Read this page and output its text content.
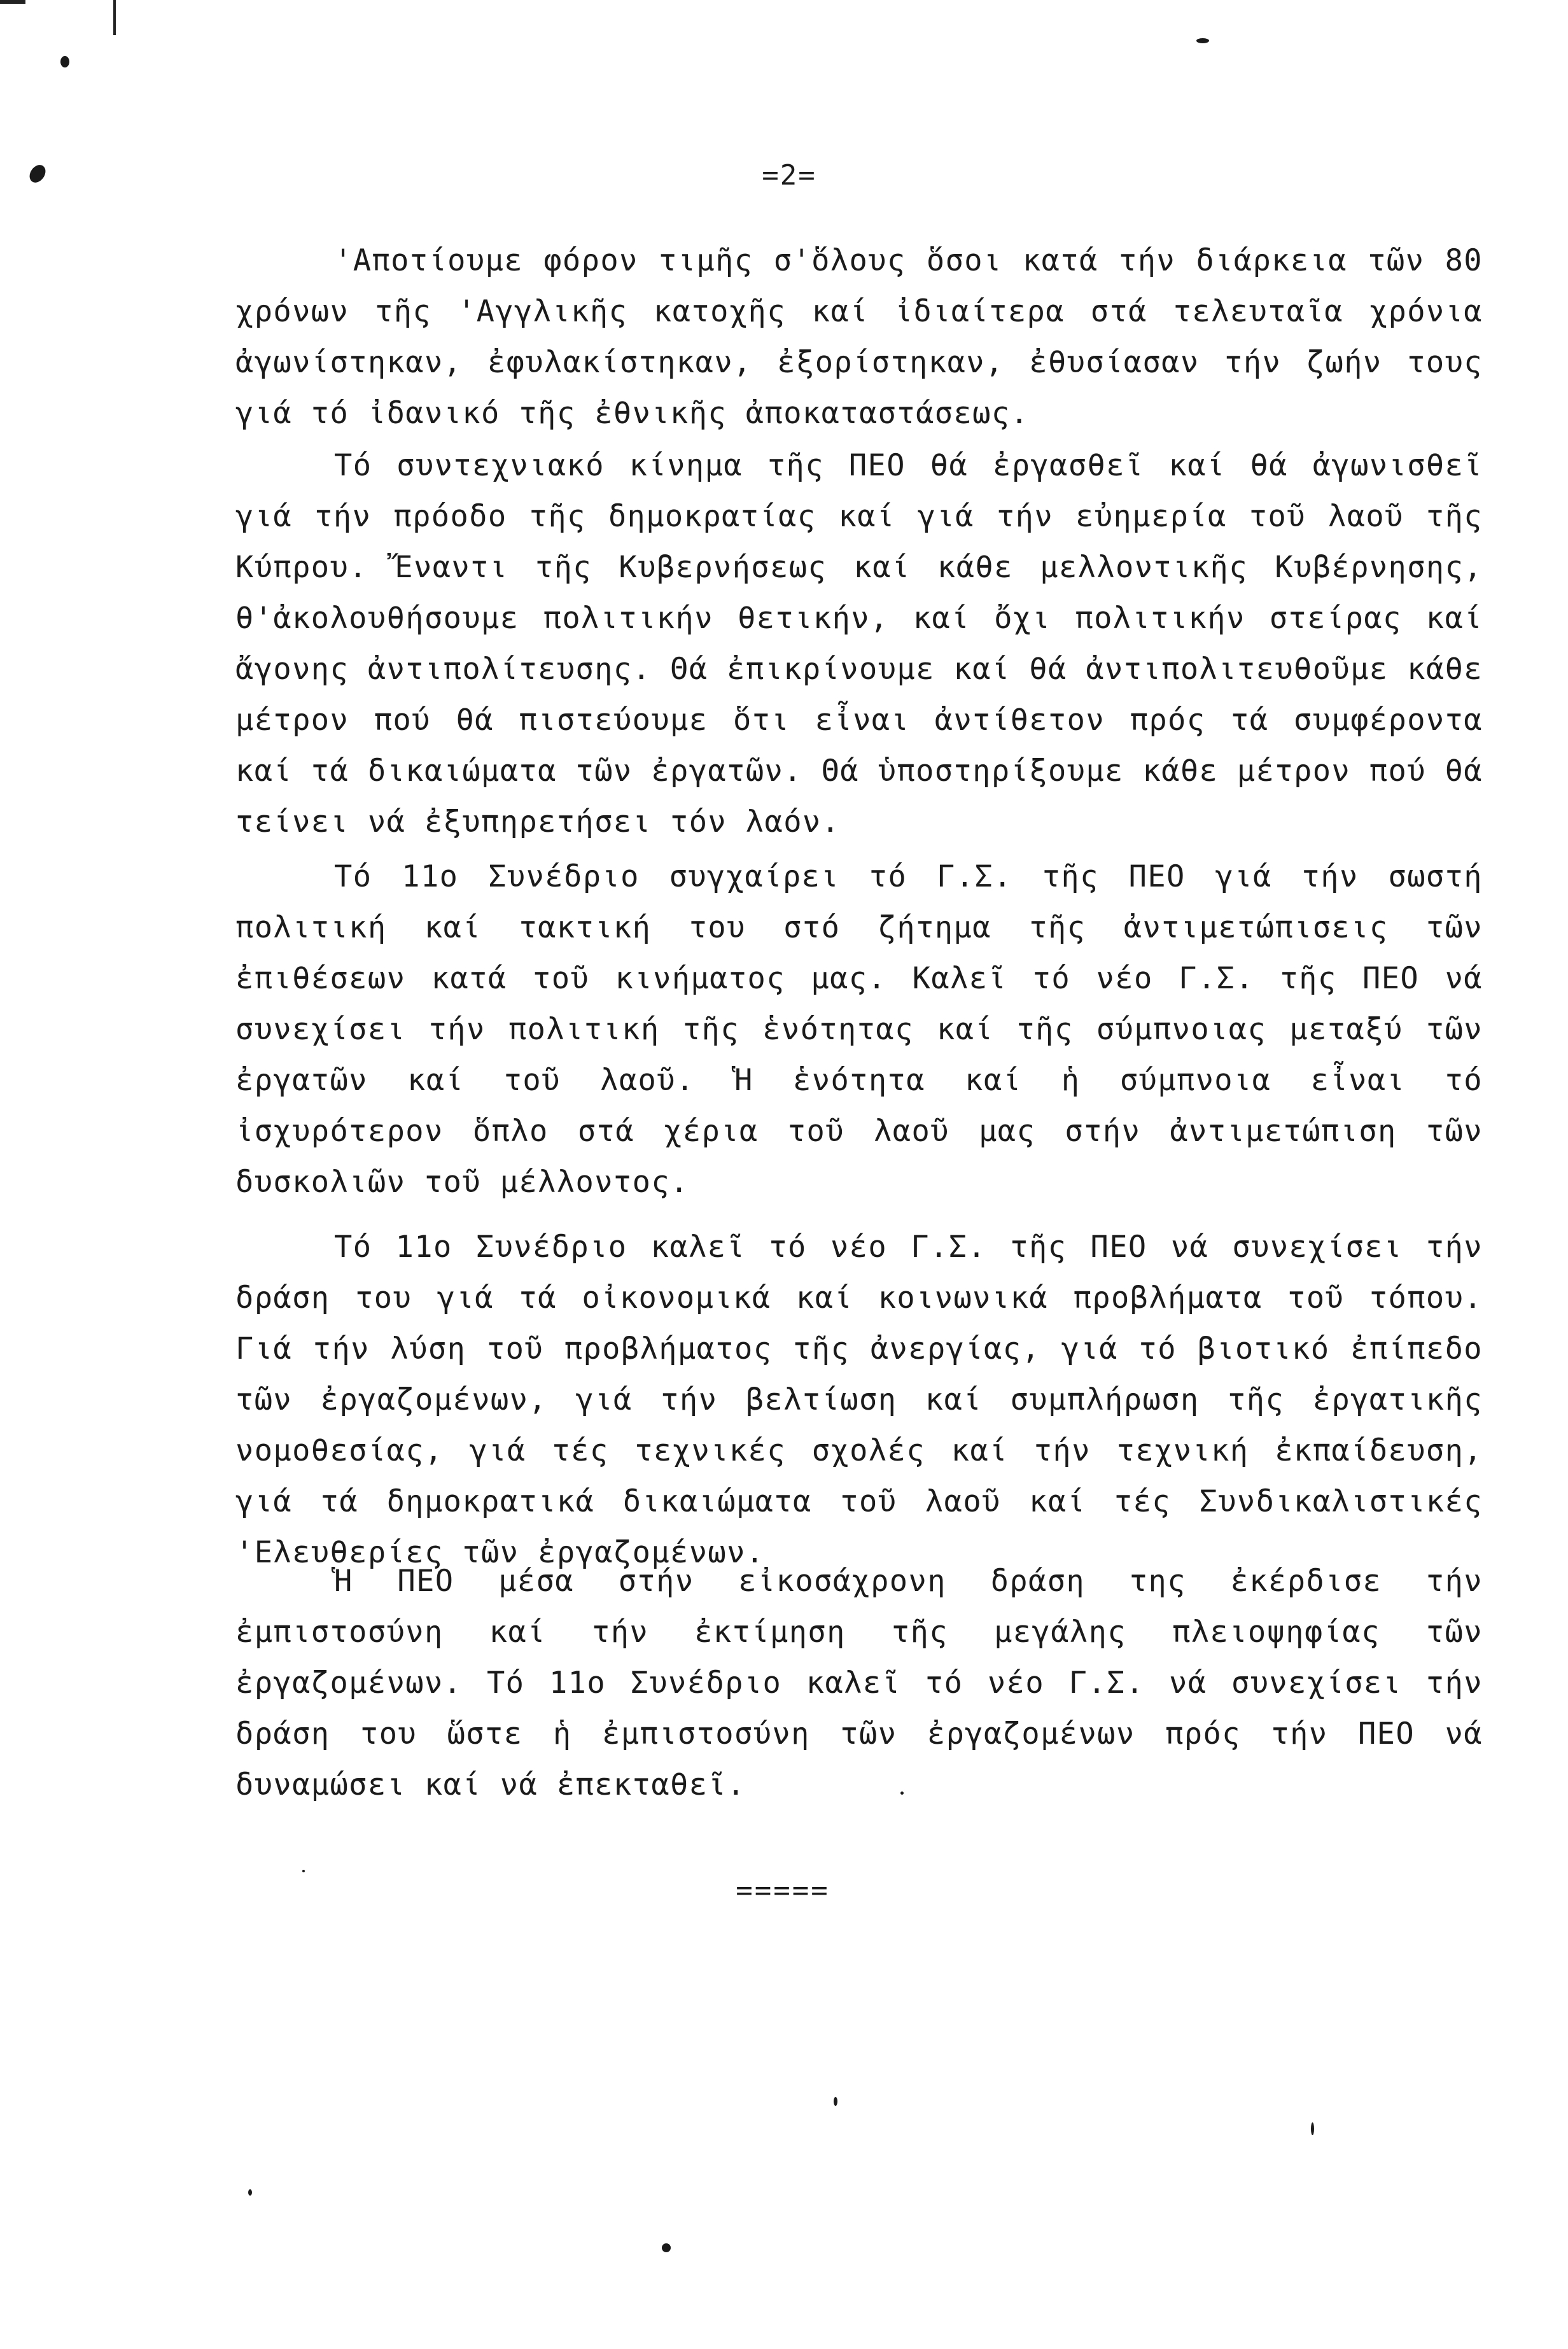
=2=

'Αποτίουμε φόρον τιμῆς σ'ὅλους ὅσοι κατά τήν διάρκεια τῶν 80 χρόνων τῆς 'Αγγλικῆς κατοχῆς καί ἰδιαίτερα στά τελευταῖα χρόνια ἀγωνίστηκαν, ἐφυλακίστηκαν, ἐξορίστηκαν, ἐθυσίασαν τήν ζωήν τους γιά τό ἰδανικό τῆς ἐθνικῆς ἀποκαταστάσεως.

Τό συντεχνιακό κίνημα τῆς ΠΕΟ θά ἐργασθεῖ καί θά ἀγωνισθεῖ γιά τήν πρόοδο τῆς δημοκρατίας καί γιά τήν εὐημερία τοῦ λαοῦ τῆς Κύπρου. Ἔναντι τῆς Κυβερνήσεως καί κάθε μελλοντικῆς Κυβέρνησης, θ'ἀκολουθήσουμε πολιτικήν θετικήν, καί ὄχι πολιτικήν στείρας καί ἄγονης ἀντιπολίτευσης. Θά ἐπικρίνουμε καί θά ἀντιπολιτευθοῦμε κάθε μέτρον πού θά πιστεύουμε ὅτι εἶναι ἀντίθετον πρός τά συμφέροντα καί τά δικαιώματα τῶν ἐργατῶν. Θά ὑποστηρίξουμε κάθε μέτρον πού θά τείνει νά ἐξυπηρετήσει τόν λαόν.

Τό 11ο Συνέδριο συγχαίρει τό Γ.Σ. τῆς ΠΕΟ γιά τήν σωστή πολιτική καί τακτική του στό ζήτημα τῆς ἀντιμετώπισεις τῶν ἐπιθέσεων κατά τοῦ κινήματος μας. Καλεῖ τό νέο Γ.Σ. τῆς ΠΕΟ νά συνεχίσει τήν πολιτική τῆς ἑνότητας καί τῆς σύμπνοιας μεταξύ τῶν ἐργατῶν καί τοῦ λαοῦ. Ἡ ἑνότητα καί ἡ σύμπνοια εἶναι τό ἰσχυρότερον ὅπλο στά χέρια τοῦ λαοῦ μας στήν ἀντιμετώπιση τῶν δυσκολιῶν τοῦ μέλλοντος.

Τό 11ο Συνέδριο καλεῖ τό νέο Γ.Σ. τῆς ΠΕΟ νά συνεχίσει τήν δράση του γιά τά οἰκονομικά καί κοινωνικά προβλήματα τοῦ τόπου. Γιά τήν λύση τοῦ προβλήματος τῆς ἀνεργίας, γιά τό βιοτικό ἐπίπεδο τῶν ἐργαζομένων, γιά τήν βελτίωση καί συμπλήρωση τῆς ἐργατικῆς νομοθεσίας, γιά τές τεχνικές σχολές καί τήν τεχνική ἐκπαίδευση, γιά τά δημοκρατικά δικαιώματα τοῦ λαοῦ καί τές Συνδικαλιστικές 'Ελευθερίες τῶν ἐργαζομένων.

Ἡ ΠΕΟ μέσα στήν εἰκοσάχρονη δράση της ἐκέρδισε τήν ἐμπιστοσύνη καί τήν ἐκτίμηση τῆς μεγάλης πλειοψηφίας τῶν ἐργαζομένων. Τό 11ο Συνέδριο καλεῖ τό νέο Γ.Σ. νά συνεχίσει τήν δράση του ὥστε ἡ ἐμπιστοσύνη τῶν ἐργαζομένων πρός τήν ΠΕΟ νά δυναμώσει καί νά ἐπεκταθεῖ.

=====
